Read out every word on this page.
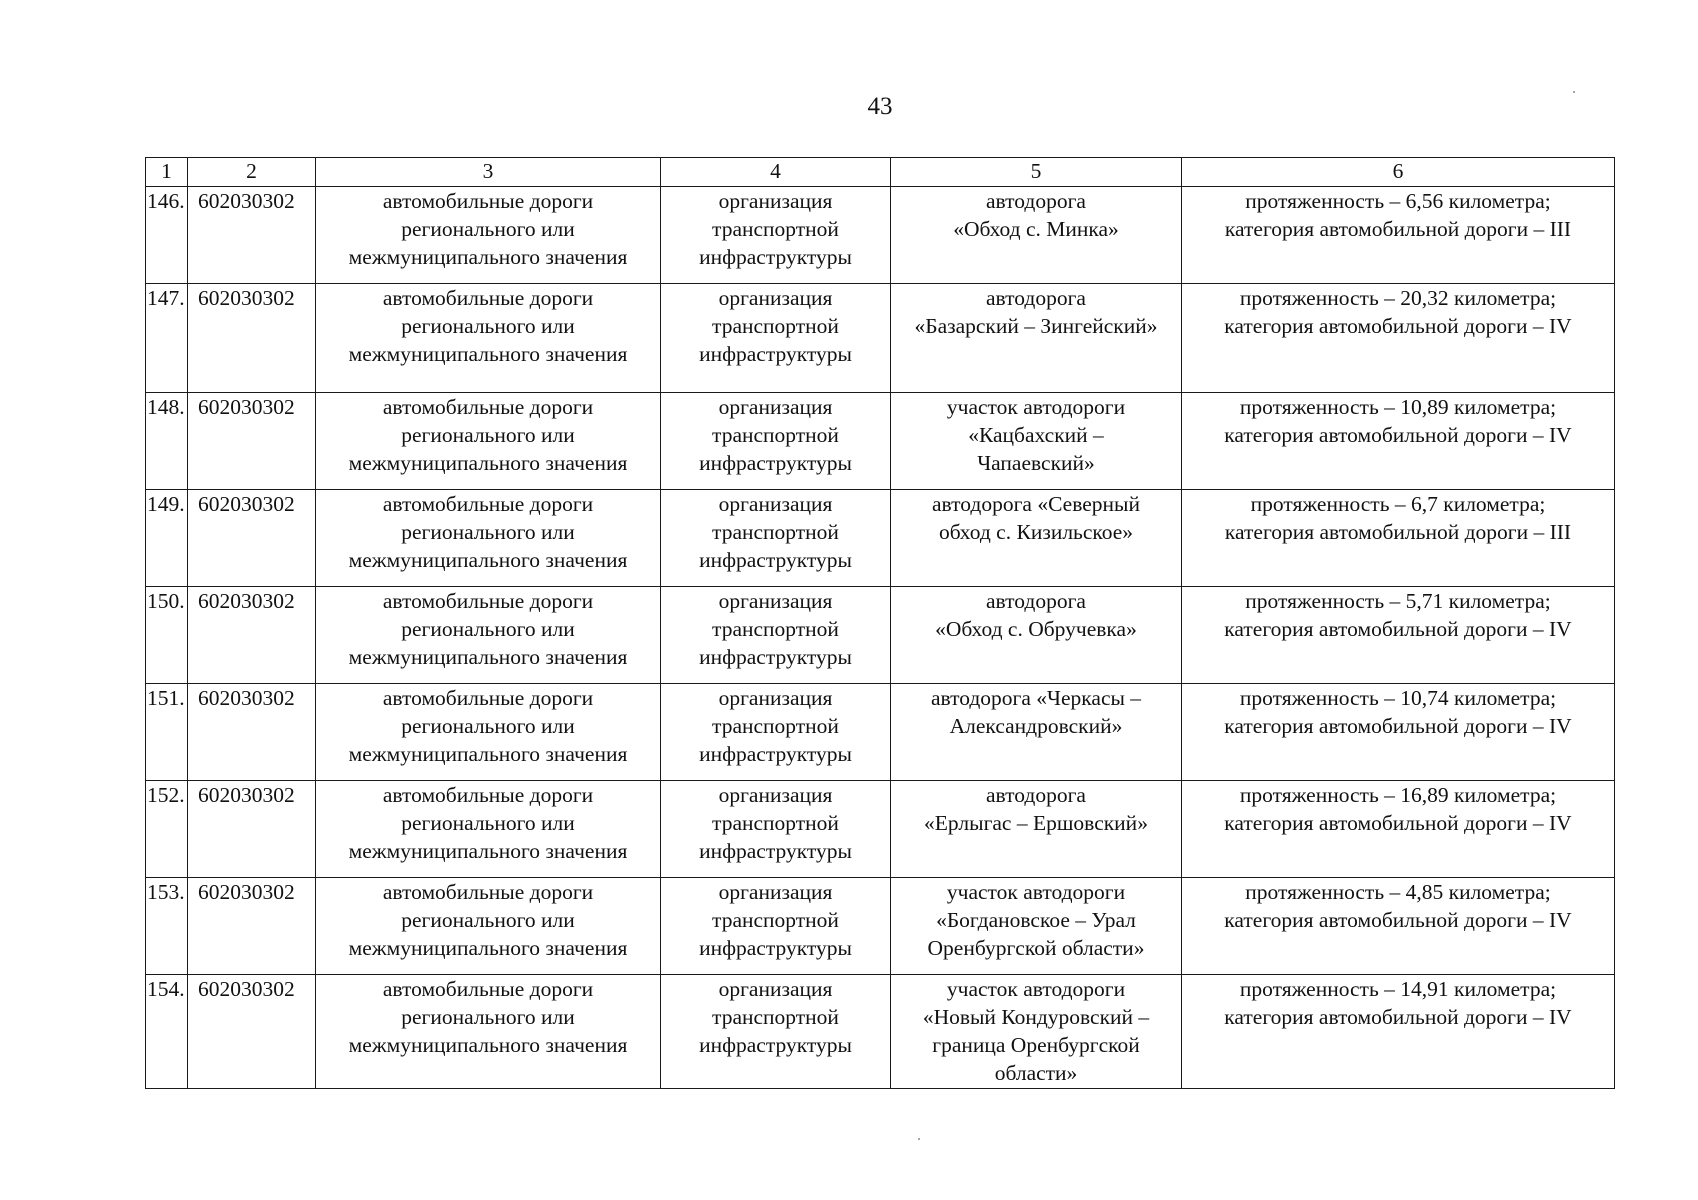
43
1	2	3	4	5	6
146.	602030302	автомобильные дороги
регионального или
межмуниципального значения	организация
транспортной
инфраструктуры	автодорога
«Обход с. Минка»	протяженность – 6,56 километра;
категория автомобильной дороги – III

147.	602030302	автомобильные дороги
регионального или
межмуниципального значения	организация
транспортной
инфраструктуры	автодорога
«Базарский – Зингейский»	протяженность – 20,32 километра;
категория автомобильной дороги – IV

148.	602030302	автомобильные дороги
регионального или
межмуниципального значения	организация
транспортной
инфраструктуры	участок автодороги
«Кацбахский –
Чапаевский»	протяженность – 10,89 километра;
категория автомобильной дороги – IV

149.	602030302	автомобильные дороги
регионального или
межмуниципального значения	организация
транспортной
инфраструктуры	автодорога «Северный
обход с. Кизильское»	протяженность – 6,7 километра;
категория автомобильной дороги – III

150.	602030302	автомобильные дороги
регионального или
межмуниципального значения	организация
транспортной
инфраструктуры	автодорога
«Обход с. Обручевка»	протяженность – 5,71 километра;
категория автомобильной дороги – IV

151.	602030302	автомобильные дороги
регионального или
межмуниципального значения	организация
транспортной
инфраструктуры	автодорога «Черкасы –
Александровский»	протяженность – 10,74 километра;
категория автомобильной дороги – IV

152.	602030302	автомобильные дороги
регионального или
межмуниципального значения	организация
транспортной
инфраструктуры	автодорога
«Ерлыгас – Ершовский»	протяженность – 16,89 километра;
категория автомобильной дороги – IV

153.	602030302	автомобильные дороги
регионального или
межмуниципального значения	организация
транспортной
инфраструктуры	участок автодороги
«Богдановское – Урал
Оренбургской области»	протяженность – 4,85 километра;
категория автомобильной дороги – IV

154.	602030302	автомобильные дороги
регионального или
межмуниципального значения	организация
транспортной
инфраструктуры	участок автодороги
«Новый Кондуровский –
граница Оренбургской
области»	протяженность – 14,91 километра;
категория автомобильной дороги – IV
